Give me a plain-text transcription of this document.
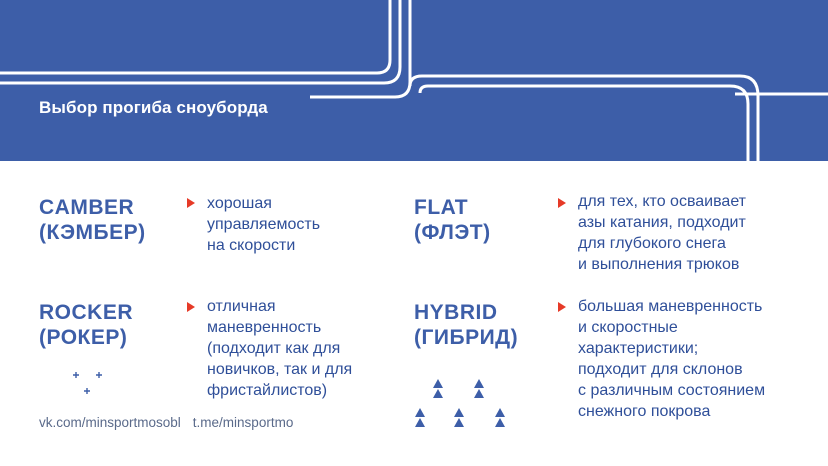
Выбор прогиба сноуборда
CAMBER
(КЭМБЕР)
хорошая
управляемость
на скорости
FLAT
(ФЛЭТ)
для тех, кто осваивает
азы катания, подходит
для глубокого снега
и выполнения трюков
ROCKER
(РОКЕР)
отличная
маневренность
(подходит как для
новичков, так и для
фристайлистов)
HYBRID
(ГИБРИД)
большая маневренность
и скоростные
характеристики;
подходит для склонов
с различным состоянием
снежного покрова
vk.com/minsportmosobl t.me/minsportmo
